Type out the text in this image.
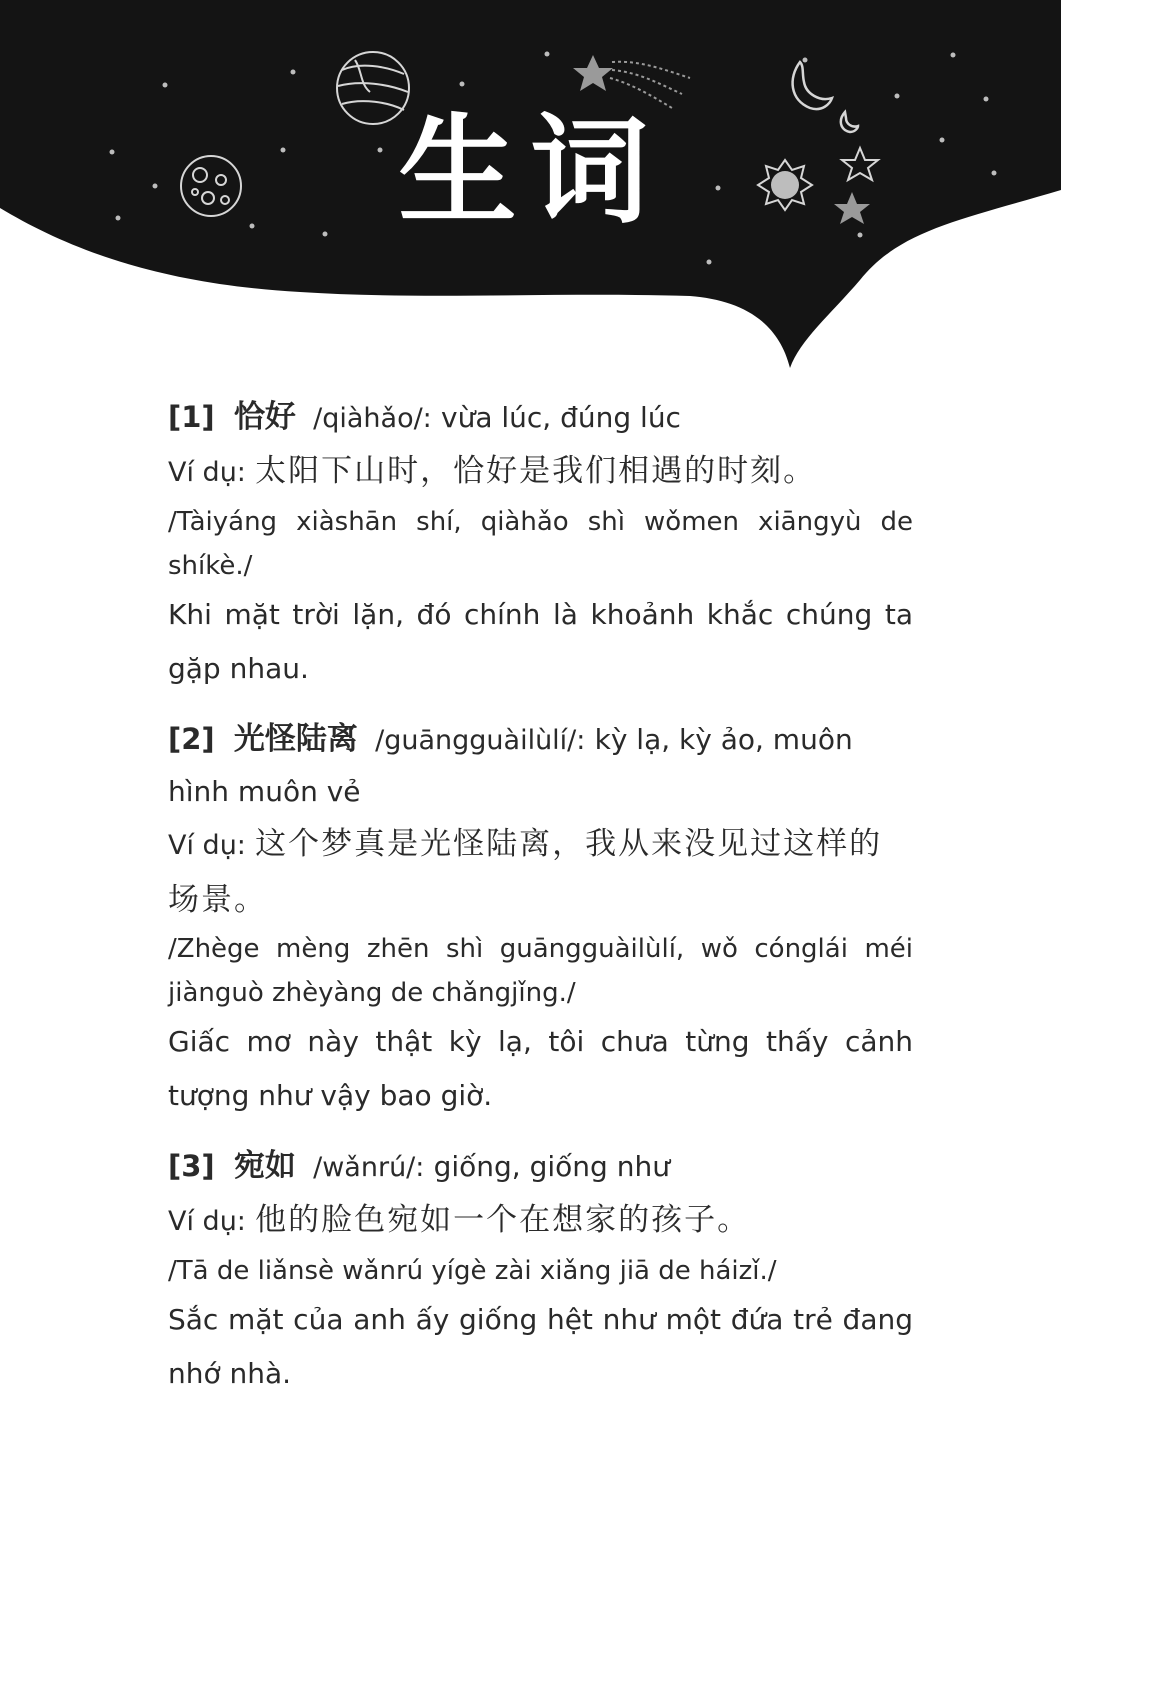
生词
[1] 恰好 /qiàhǎo/: vừa lúc, đúng lúc
Ví dụ: 太阳下山时，恰好是我们相遇的时刻。
/Tàiyáng xiàshān shí, qiàhǎo shì wǒmen xiāngyù de shíkè./
Khi mặt trời lặn, đó chính là khoảnh khắc chúng ta gặp nhau.
[2] 光怪陆离 /guāngguàilùlí/: kỳ lạ, kỳ ảo, muôn hình muôn vẻ
Ví dụ: 这个梦真是光怪陆离，我从来没见过这样的场景。
/Zhège mèng zhēn shì guāngguàilùlí, wǒ cónglái méi jiànguò zhèyàng de chǎngjǐng./
Giấc mơ này thật kỳ lạ, tôi chưa từng thấy cảnh tượng như vậy bao giờ.
[3] 宛如 /wǎnrú/: giống, giống như
Ví dụ: 他的脸色宛如一个在想家的孩子。
/Tā de liǎnsè wǎnrú yígè zài xiǎng jiā de háizǐ./
Sắc mặt của anh ấy giống hệt như một đứa trẻ đang nhớ nhà.
